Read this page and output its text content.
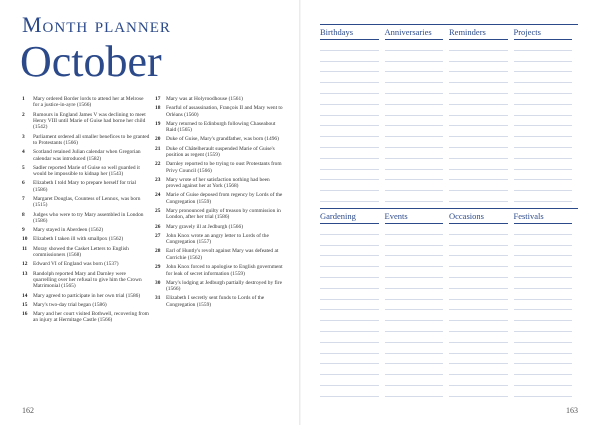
Month planner
October
1	Mary ordered Border lords to attend her at Melrose for a justice-in-ayre (1566)
2	Rumours in England James V was declining to meet Henry VIII until Marie of Guise had borne her child (1542)
3	Parliament ordered all smaller benefices to be granted to Protestants (1566)
4	Scotland retained Julian calendar when Gregorian calendar was introduced (1582)
5	Sadler reported Marie of Guise so well guarded it would be impossible to kidnap her (1543)
6	Elizabeth I told Mary to prepare herself for trial (1586)
7	Margaret Douglas, Countess of Lennox, was born (1515)
8	Judges who were to try Mary assembled in London (1586)
9	Mary stayed in Aberdeen (1562)
10	Elizabeth I taken ill with smallpox (1562)
11	Moray showed the Casket Letters to English commissioners (1568)
12	Edward VI of England was born (1537)
13	Randolph reported Mary and Darnley were quarrelling over her refusal to give him the Crown Matrimonial (1565)
14	Mary agreed to participate in her own trial (1586)
15	Mary's two-day trial began (1586)
16	Mary and her court visited Bothwell, recovering from an injury at Hermitage Castle (1566)
17	Mary was at Holyroodhouse (1561)
18	Fearful of assassination, François II and Mary went to Orléans (1560)
19	Mary returned to Edinburgh following Chaseabout Raid (1565)
20	Duke of Guise, Mary's grandfather, was born (1496)
21	Duke of Châtelherault suspended Marie of Guise's position as regent (1559)
22	Darnley reported to be trying to oust Protestants from Privy Council (1566)
23	Mary wrote of her satisfaction nothing had been proved against her at York (1568)
24	Marie of Guise deposed from regency by Lords of the Congregation (1559)
25	Mary pronounced guilty of treason by commission in London, after her trial (1586)
26	Mary gravely ill at Jedburgh (1566)
27	John Knox wrote an angry letter to Lords of the Congregation (1557)
28	Earl of Huntly's revolt against Mary was defeated at Corrichie (1562)
29	John Knox forced to apologise to English government for leak of secret information (1559)
30	Mary's lodging at Jedburgh partially destroyed by fire (1566)
31	Elizabeth I secretly sent funds to Lords of the Congregation (1559)
162	163
Birthdays	Anniversaries	Reminders	Projects
Gardening	Events	Occasions	Festivals
